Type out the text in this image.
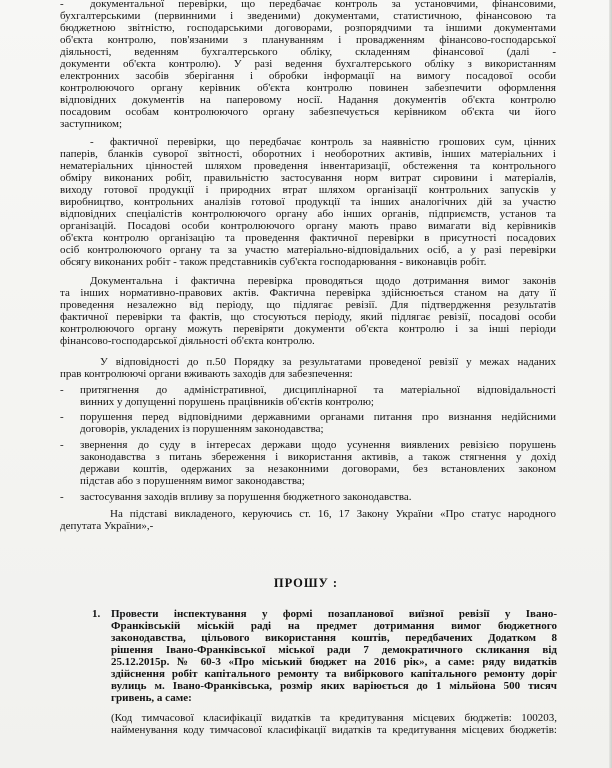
- документальної перевірки, що передбачає контроль за установчими, фінансовими,

бухгалтерськими (первинними і зведеними) документами, статистичною, фінансовою та

бюджетною звітністю, господарськими договорами, розпорядчими та іншими документами

об'єкта контролю, пов'язаними з плануванням і провадженням фінансово-господарської

діяльності, веденням бухгалтерського обліку, складенням фінансової (далі -

документи об'єкта контролю). У разі ведення бухгалтерського обліку з використанням

електронних засобів зберігання і обробки інформації на вимогу посадової особи

контролюючого органу керівник об'єкта контролю повинен забезпечити оформлення

відповідних документів на паперовому носії. Надання документів об'єкта контролю

посадовим особам контролюючого органу забезпечується керівником об'єкта чи його

заступником;

- фактичної перевірки, що передбачає контроль за наявністю грошових сум, цінних

паперів, бланків суворої звітності, оборотних і необоротних активів, інших матеріальних і

нематеріальних цінностей шляхом проведення інвентаризації, обстеження та контрольного

обміру виконаних робіт, правильністю застосування норм витрат сировини і матеріалів,

виходу готової продукції і природних втрат шляхом організації контрольних запусків у

виробництво, контрольних аналізів готової продукції та інших аналогічних дій за участю

відповідних спеціалістів контролюючого органу або інших органів, підприємств, установ та

організацій. Посадові особи контролюючого органу мають право вимагати від керівників

об'єкта контролю організацію та проведення фактичної перевірки в присутності посадових

осіб контролюючого органу та за участю матеріально-відповідальних осіб, а у разі перевірки

обсягу виконаних робіт - також представників суб'єкта господарювання - виконавців робіт.

Документальна і фактична перевірка проводяться щодо дотримання вимог законів

та інших нормативно-правових актів. Фактична перевірка здійснюється станом на дату її

проведення незалежно від періоду, що підлягає ревізії. Для підтвердження результатів

фактичної перевірки та фактів, що стосуються періоду, який підлягає ревізії, посадові особи

контролюючого органу можуть перевіряти документи об'єкта контролю і за інші періоди

фінансово-господарської діяльності об'єкта контролю.

У відповідності до п.50 Порядку за результатами проведеної ревізії у межах наданих

прав контролюючі органи вживають заходів для забезпечення:

- притягнення до адміністративної, дисциплінарної та матеріальної відповідальності

винних у допущенні порушень працівників об'єктів контролю;

- порушення перед відповідними державними органами питання про визнання недійсними

договорів, укладених із порушенням законодавства;

- звернення до суду в інтересах держави щодо усунення виявлених ревізією порушень

законодавства з питань збереження і використання активів, а також стягнення у дохід

держави коштів, одержаних за незаконними договорами, без встановлених законом

підстав або з порушенням вимог законодавства;

- застосування заходів впливу за порушення бюджетного законодавства.

На підставі викладеного, керуючись ст. 16, 17 Закону України «Про статус народного

депутата України»,-

ПРОШУ :
1. Провести інспектування у формі позапланової виїзної ревізії у Івано-

Франківській міській раді на предмет дотримання вимог бюджетного

законодавства, цільового використання коштів, передбачених Додатком 8

рішення Івано-Франківської міської ради 7 демократичного скликання від

25.12.2015р. № 60-3 «Про міський бюджет на 2016 рік», а саме: ряду видатків

здійснення робіт капітального ремонту та вибіркового капітального ремонту доріг

вулиць м. Івано-Франківська, розмір яких варіюється до 1 мільйона 500 тисяч

гривень, а саме:

(Код тимчасової класифікації видатків та кредитування місцевих бюджетів: 100203,

найменування коду тимчасової класифікації видатків та кредитування місцевих бюджетів:
